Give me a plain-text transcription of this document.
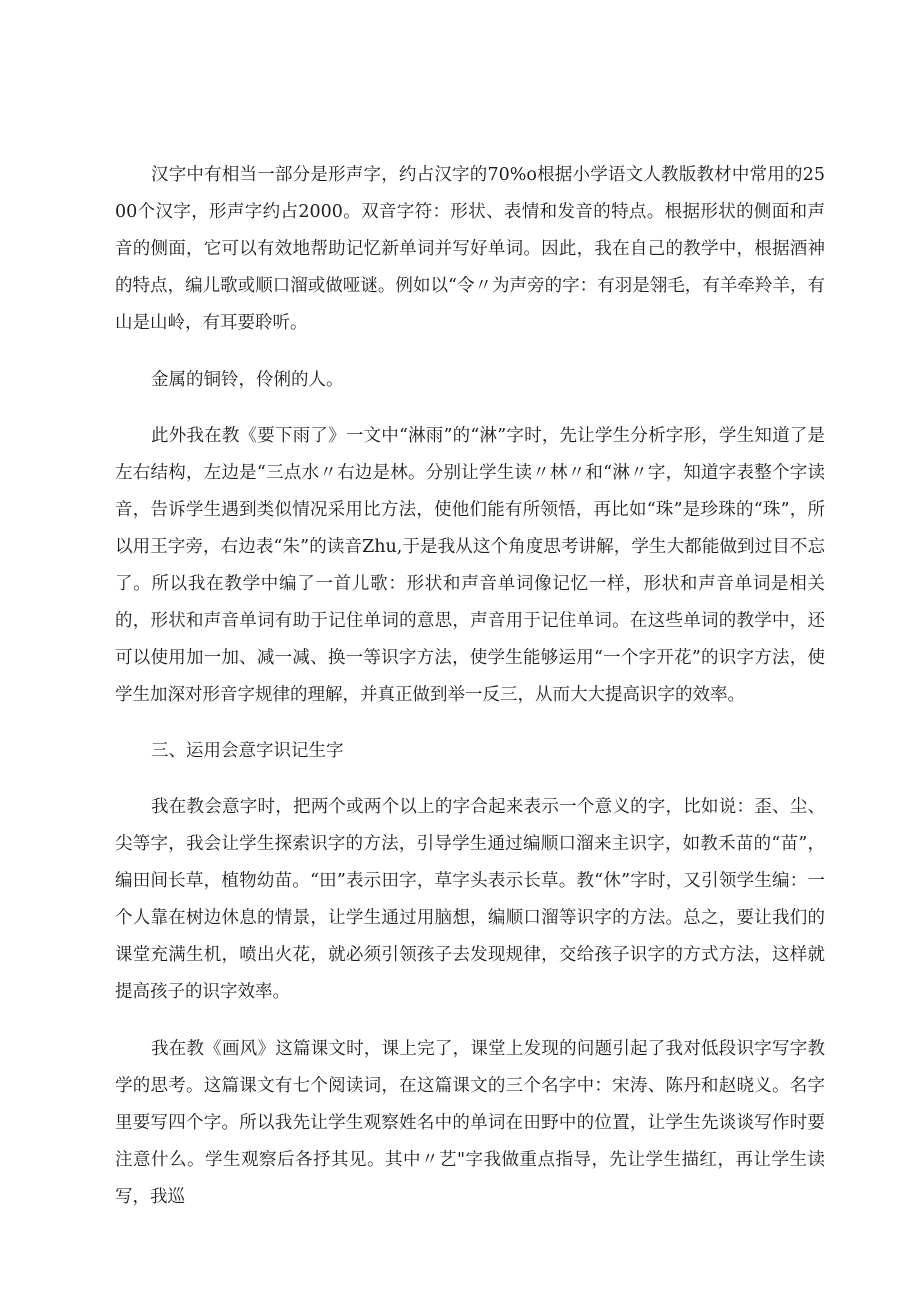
汉字中有相当一部分是形声字，约占汉字的70%o根据小学语文人教版教材中常用的2500个汉字，形声字约占2000。双音字符：形状、表情和发音的特点。根据形状的侧面和声音的侧面，它可以有效地帮助记忆新单词并写好单词。因此，我在自己的教学中，根据酒神的特点，编儿歌或顺口溜或做哑谜。例如以“令〃为声旁的字：有羽是翎毛，有羊牵羚羊，有山是山岭，有耳要聆听。

金属的铜铃，伶俐的人。

此外我在教《要下雨了》一文中“淋雨”的“淋”字时，先让学生分析字形，学生知道了是左右结构，左边是“三点水〃右边是林。分别让学生读〃林〃和“淋〃字，知道字表整个字读音，告诉学生遇到类似情况采用比方法，使他们能有所领悟，再比如“珠”是珍珠的“珠”，所以用王字旁，右边表“朱”的读音Zhu,于是我从这个角度思考讲解，学生大都能做到过目不忘了。所以我在教学中编了一首儿歌：形状和声音单词像记忆一样，形状和声音单词是相关的，形状和声音单词有助于记住单词的意思，声音用于记住单词。在这些单词的教学中，还可以使用加一加、减一减、换一等识字方法，使学生能够运用“一个字开花”的识字方法，使学生加深对形音字规律的理解，并真正做到举一反三，从而大大提高识字的效率。

三、运用会意字识记生字

我在教会意字时，把两个或两个以上的字合起来表示一个意义的字，比如说：歪、尘、尖等字，我会让学生探索识字的方法，引导学生通过编顺口溜来主识字，如教禾苗的“苗”，编田间长草，植物幼苗。“田”表示田字，草字头表示长草。教“休”字时，又引领学生编：一个人靠在树边休息的情景，让学生通过用脑想，编顺口溜等识字的方法。总之，要让我们的课堂充满生机，喷出火花，就必须引领孩子去发现规律，交给孩子识字的方式方法，这样就提高孩子的识字效率。

我在教《画风》这篇课文时，课上完了，课堂上发现的问题引起了我对低段识字写字教学的思考。这篇课文有七个阅读词，在这篇课文的三个名字中：宋涛、陈丹和赵晓义。名字里要写四个字。所以我先让学生观察姓名中的单词在田野中的位置，让学生先谈谈写作时要注意什么。学生观察后各抒其见。其中〃艺"字我做重点指导，先让学生描红，再让学生读写，我巡
